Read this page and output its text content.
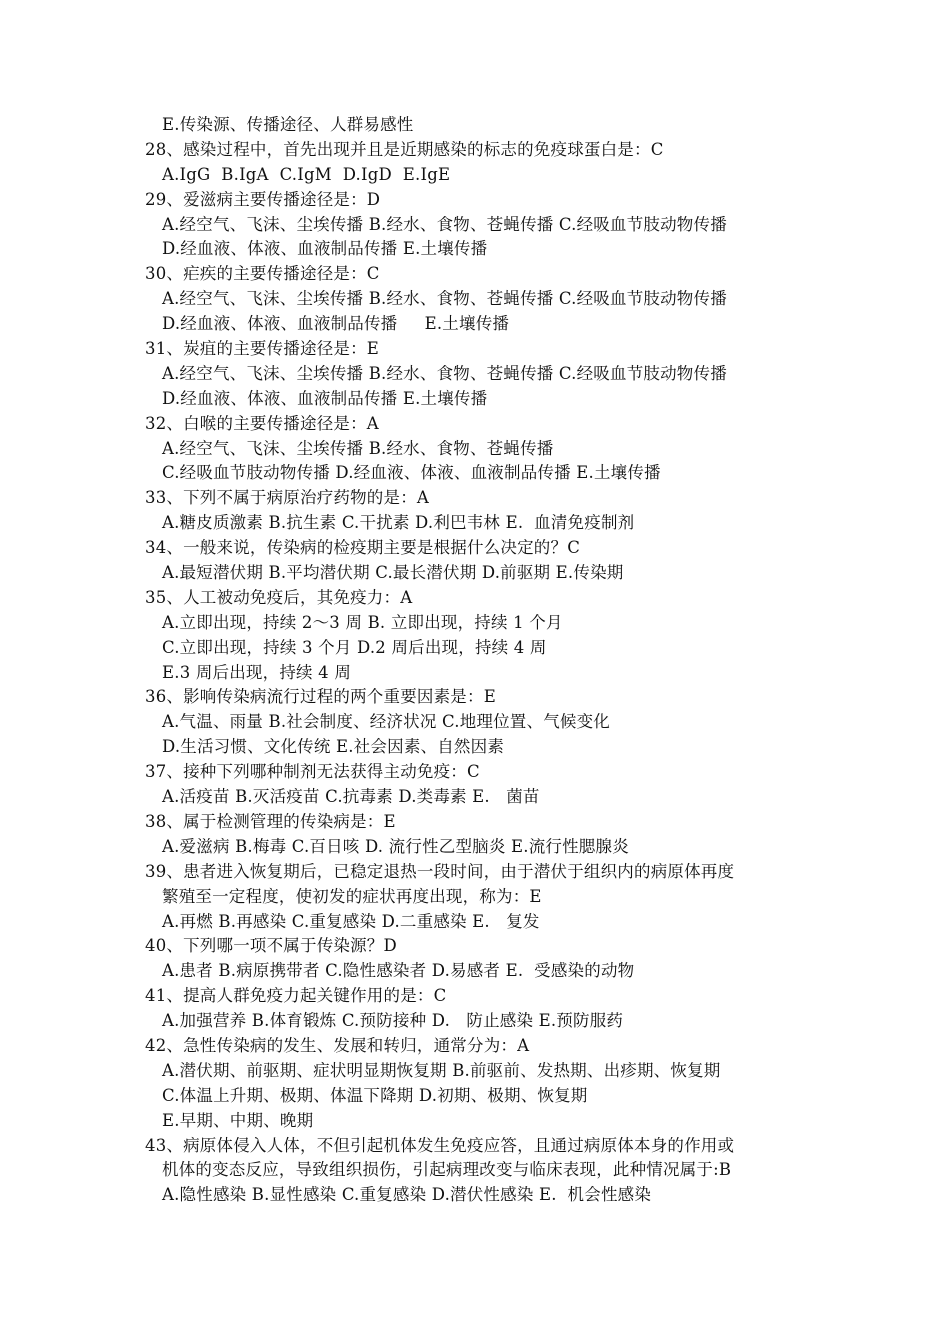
E.传染源、传播途径、人群易感性
28、感染过程中，首先出现并且是近期感染的标志的免疫球蛋白是：C
A.IgG  B.IgA  C.IgM  D.IgD  E.IgE
29、爱滋病主要传播途径是：D
A.经空气、飞沫、尘埃传播 B.经水、食物、苍蝇传播 C.经吸血节肢动物传播
D.经血液、体液、血液制品传播 E.土壤传播
30、疟疾的主要传播途径是：C
A.经空气、飞沫、尘埃传播 B.经水、食物、苍蝇传播 C.经吸血节肢动物传播
D.经血液、体液、血液制品传播     E.土壤传播
31、炭疽的主要传播途径是：E
A.经空气、飞沫、尘埃传播 B.经水、食物、苍蝇传播 C.经吸血节肢动物传播
D.经血液、体液、血液制品传播 E.土壤传播
32、白喉的主要传播途径是：A
A.经空气、飞沫、尘埃传播 B.经水、食物、苍蝇传播
C.经吸血节肢动物传播 D.经血液、体液、血液制品传播 E.土壤传播
33、下列不属于病原治疗药物的是：A
A.糖皮质激素 B.抗生素 C.干扰素 D.利巴韦林 E.  血清免疫制剂
34、一般来说，传染病的检疫期主要是根据什么决定的？C
A.最短潜伏期 B.平均潜伏期 C.最长潜伏期 D.前驱期 E.传染期
35、人工被动免疫后，其免疫力：A
A.立即出现，持续 2～3 周 B. 立即出现，持续 1 个月
C.立即出现，持续 3 个月 D.2 周后出现，持续 4 周
E.3 周后出现，持续 4 周
36、影响传染病流行过程的两个重要因素是：E
A.气温、雨量 B.社会制度、经济状况 C.地理位置、气候变化
D.生活习惯、文化传统 E.社会因素、自然因素
37、接种下列哪种制剂无法获得主动免疫：C
A.活疫苗 B.灭活疫苗 C.抗毒素 D.类毒素 E.   菌苗
38、属于检测管理的传染病是：E
A.爱滋病 B.梅毒 C.百日咳 D. 流行性乙型脑炎 E.流行性腮腺炎
39、患者进入恢复期后，已稳定退热一段时间，由于潜伏于组织内的病原体再度
繁殖至一定程度，使初发的症状再度出现，称为：E
A.再燃 B.再感染 C.重复感染 D.二重感染 E.   复发
40、下列哪一项不属于传染源？D
A.患者 B.病原携带者 C.隐性感染者 D.易感者 E.  受感染的动物
41、提高人群免疫力起关键作用的是：C
A.加强营养 B.体育锻炼 C.预防接种 D.   防止感染 E.预防服药
42、急性传染病的发生、发展和转归，通常分为：A
A.潜伏期、前驱期、症状明显期恢复期 B.前驱前、发热期、出疹期、恢复期
C.体温上升期、极期、体温下降期 D.初期、极期、恢复期
E.早期、中期、晚期
43、病原体侵入人体，不但引起机体发生免疫应答，且通过病原体本身的作用或
机体的变态反应，导致组织损伤，引起病理改变与临床表现，此种情况属于:B
A.隐性感染 B.显性感染 C.重复感染 D.潜伏性感染 E.  机会性感染
